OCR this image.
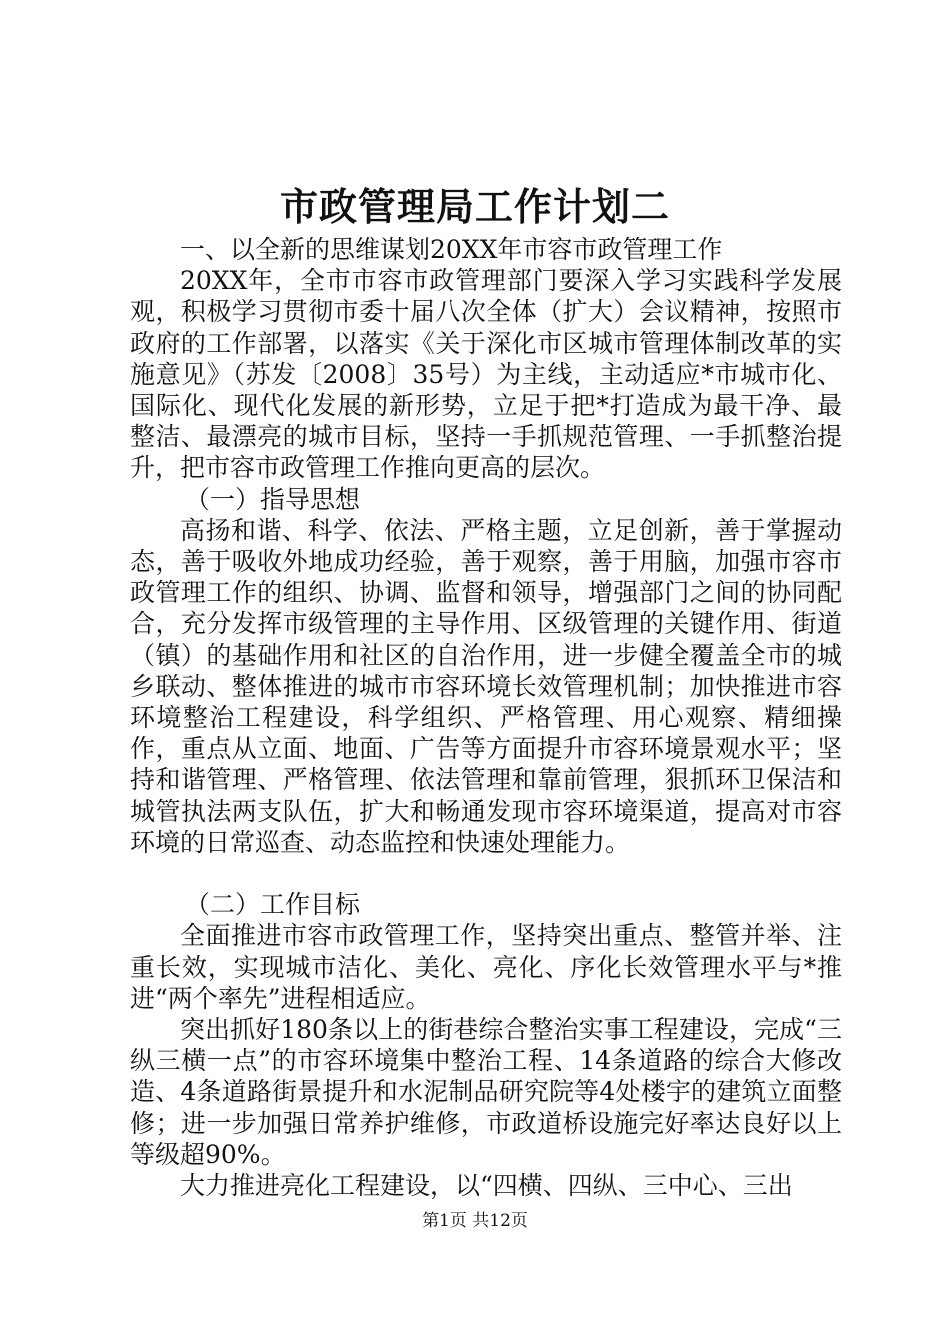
市政管理局工作计划二

一、以全新的思维谋划20XX年市容市政管理工作

20XX年，全市市容市政管理部门要深入学习实践科学发展观，积极学习贯彻市委十届八次全体（扩大）会议精神，按照市政府的工作部署，以落实《关于深化市区城市管理体制改革的实施意见》（苏发〔2008〕35号）为主线，主动适应*市城市化、国际化、现代化发展的新形势，立足于把*打造成为最干净、最整洁、最漂亮的城市目标，坚持一手抓规范管理、一手抓整治提升，把市容市政管理工作推向更高的层次。

（一）指导思想

高扬和谐、科学、依法、严格主题，立足创新，善于掌握动态，善于吸收外地成功经验，善于观察，善于用脑，加强市容市政管理工作的组织、协调、监督和领导，增强部门之间的协同配合，充分发挥市级管理的主导作用、区级管理的关键作用、街道（镇）的基础作用和社区的自治作用，进一步健全覆盖全市的城乡联动、整体推进的城市市容环境长效管理机制；加快推进市容环境整治工程建设，科学组织、严格管理、用心观察、精细操作，重点从立面、地面、广告等方面提升市容环境景观水平；坚持和谐管理、严格管理、依法管理和靠前管理，狠抓环卫保洁和城管执法两支队伍，扩大和畅通发现市容环境渠道，提高对市容环境的日常巡查、动态监控和快速处理能力。

（二）工作目标

全面推进市容市政管理工作，坚持突出重点、整管并举、注重长效，实现城市洁化、美化、亮化、序化长效管理水平与*推进“两个率先”进程相适应。

突出抓好180条以上的街巷综合整治实事工程建设，完成“三纵三横一点”的市容环境集中整治工程、14条道路的综合大修改造、4条道路街景提升和水泥制品研究院等4处楼宇的建筑立面整修；进一步加强日常养护维修，市政道桥设施完好率达良好以上等级超90%。

大力推进亮化工程建设，以“四横、四纵、三中心、三出

第1页 共12页
